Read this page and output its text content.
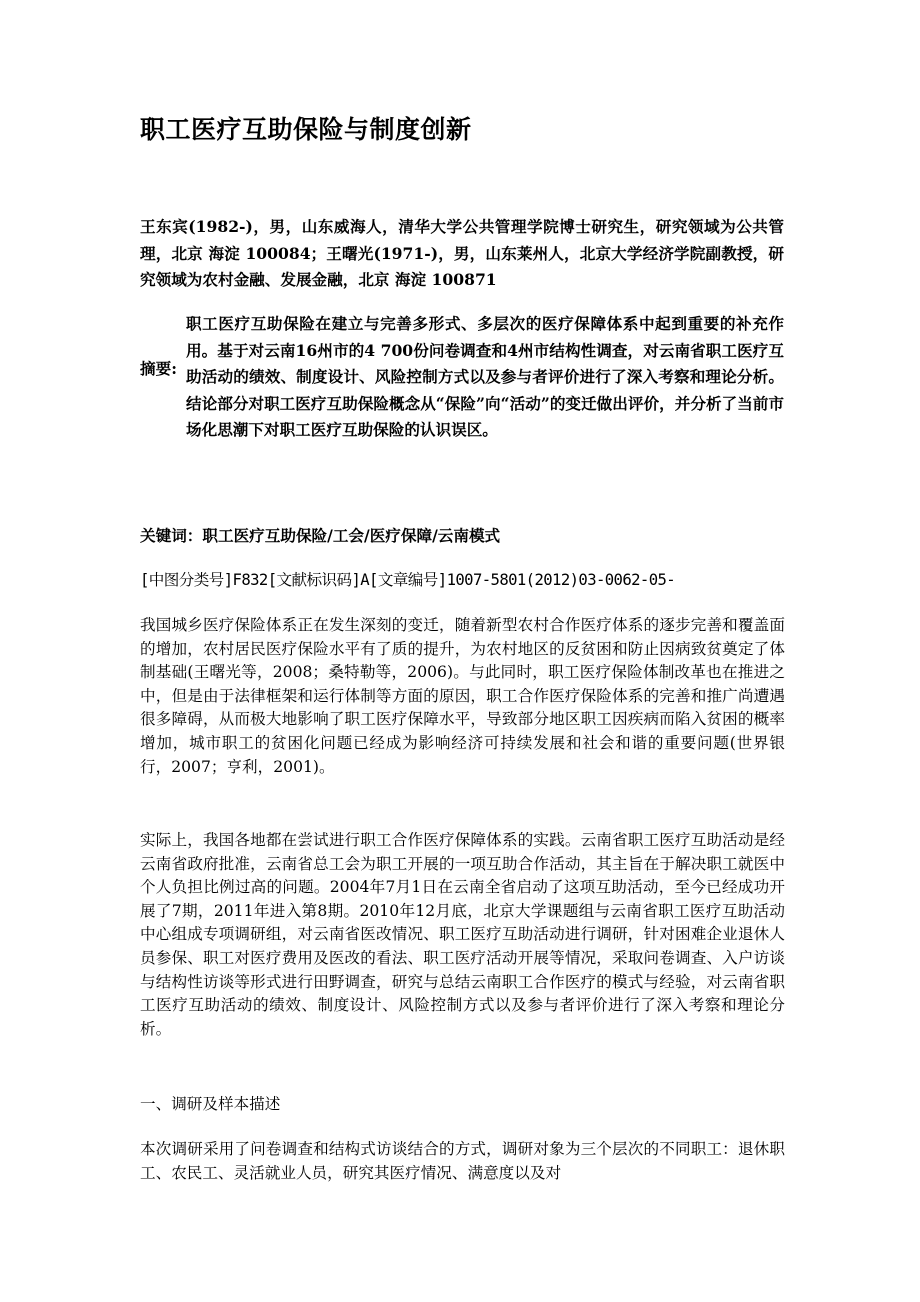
职工医疗互助保险与制度创新

王东宾(1982-)，男，山东威海人，清华大学公共管理学院博士研究生，研究领域为公共管理，北京 海淀 100084；王曙光(1971-)，男，山东莱州人，北京大学经济学院副教授，研究领域为农村金融、发展金融，北京 海淀 100871

摘要:

职工医疗互助保险在建立与完善多形式、多层次的医疗保障体系中起到重要的补充作用。基于对云南16州市的4 700份问卷调查和4州市结构性调查，对云南省职工医疗互助活动的绩效、制度设计、风险控制方式以及参与者评价进行了深入考察和理论分析。结论部分对职工医疗互助保险概念从“保险”向“活动”的变迁做出评价，并分析了当前市场化思潮下对职工医疗互助保险的认识误区。

关键词：职工医疗互助保险/工会/医疗保障/云南模式

[中图分类号]F832[文献标识码]A[文章编号]1007-5801(2012)03-0062-05-

我国城乡医疗保险体系正在发生深刻的变迁，随着新型农村合作医疗体系的逐步完善和覆盖面的增加，农村居民医疗保险水平有了质的提升，为农村地区的反贫困和防止因病致贫奠定了体制基础(王曙光等，2008；桑特勒等，2006)。与此同时，职工医疗保险体制改革也在推进之中，但是由于法律框架和运行体制等方面的原因，职工合作医疗保险体系的完善和推广尚遭遇很多障碍，从而极大地影响了职工医疗保障水平，导致部分地区职工因疾病而陷入贫困的概率增加，城市职工的贫困化问题已经成为影响经济可持续发展和社会和谐的重要问题(世界银行，2007；亨利，2001)。

实际上，我国各地都在尝试进行职工合作医疗保障体系的实践。云南省职工医疗互助活动是经云南省政府批准，云南省总工会为职工开展的一项互助合作活动，其主旨在于解决职工就医中个人负担比例过高的问题。2004年7月1日在云南全省启动了这项互助活动，至今已经成功开展了7期，2011年进入第8期。2010年12月底，北京大学课题组与云南省职工医疗互助活动中心组成专项调研组，对云南省医改情况、职工医疗互助活动进行调研，针对困难企业退休人员参保、职工对医疗费用及医改的看法、职工医疗活动开展等情况，采取问卷调查、入户访谈与结构性访谈等形式进行田野调查，研究与总结云南职工合作医疗的模式与经验，对云南省职工医疗互助活动的绩效、制度设计、风险控制方式以及参与者评价进行了深入考察和理论分析。

一、调研及样本描述

本次调研采用了问卷调查和结构式访谈结合的方式，调研对象为三个层次的不同职工：退休职工、农民工、灵活就业人员，研究其医疗情况、满意度以及对
